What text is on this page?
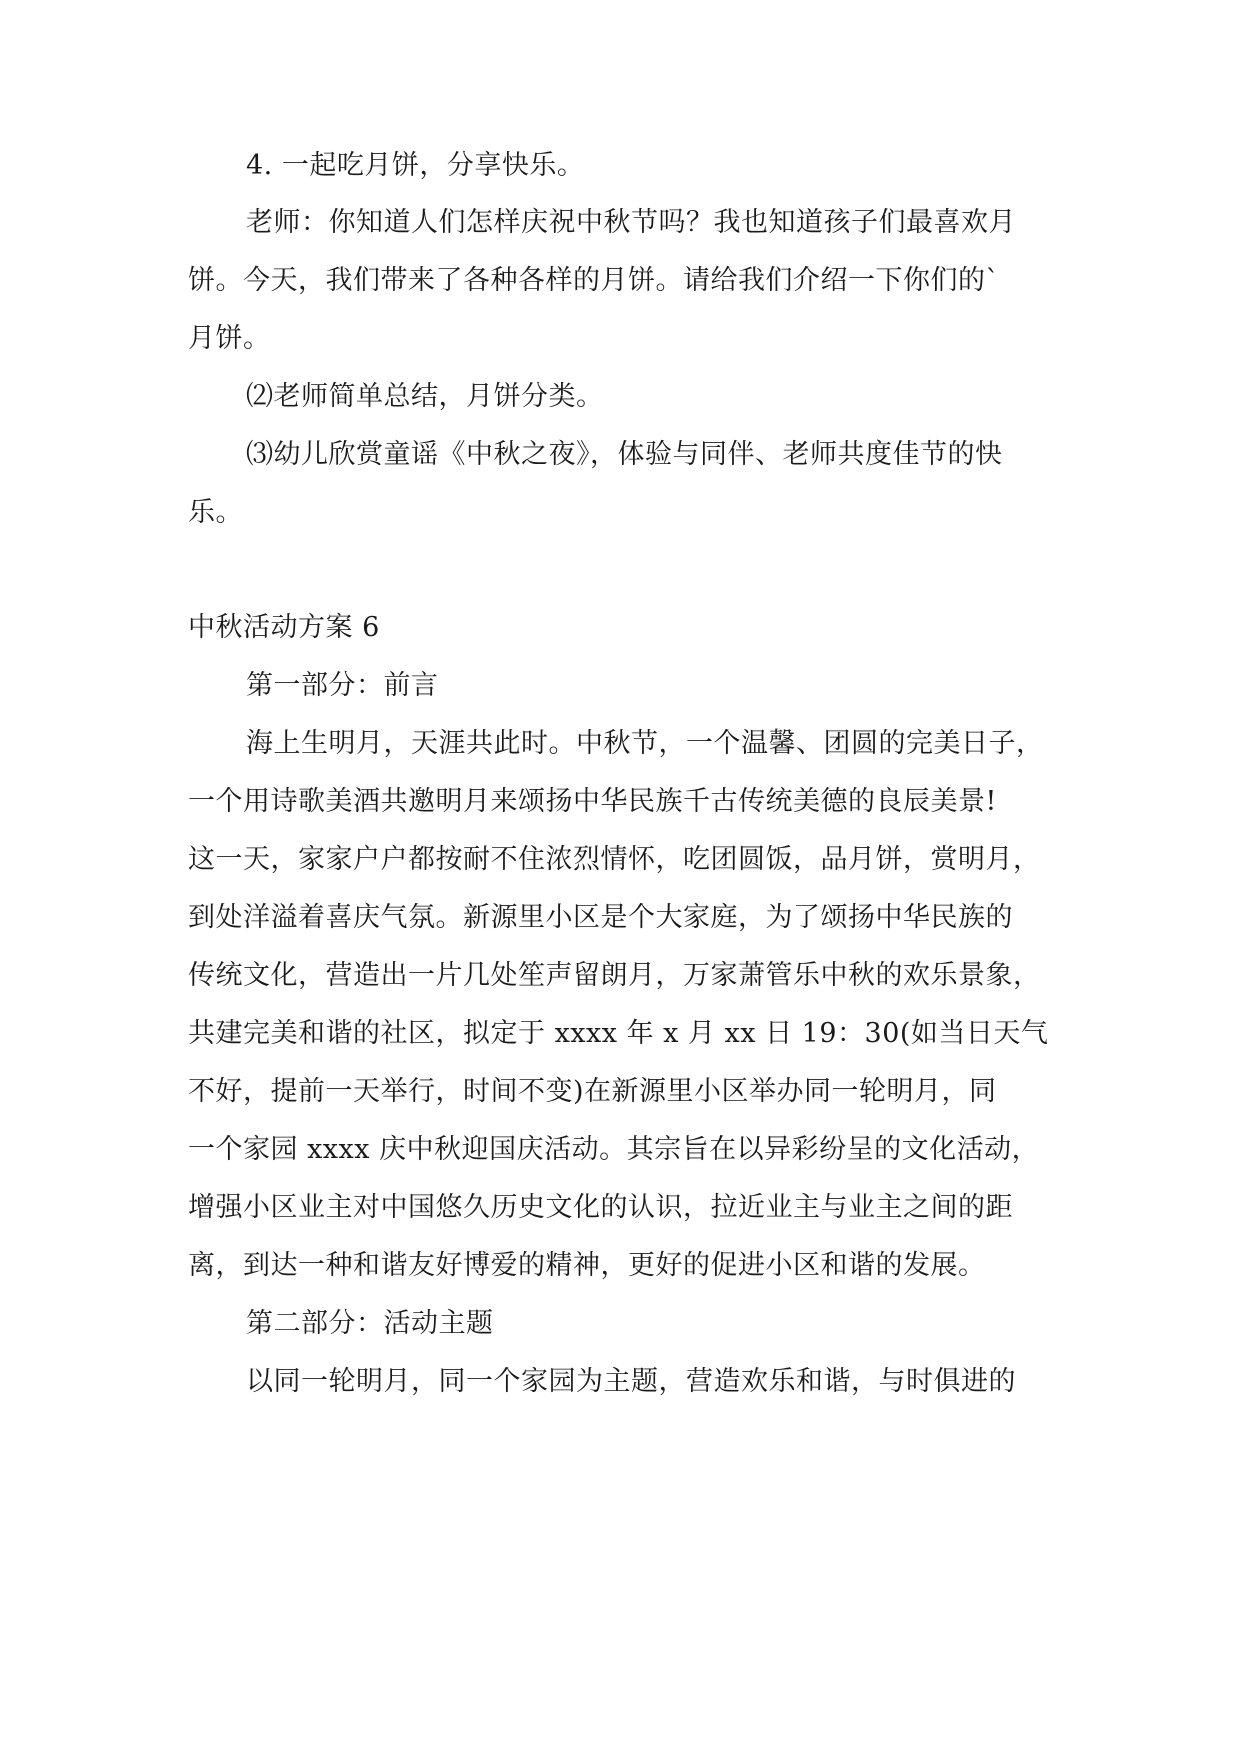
4. 一起吃月饼，分享快乐。
老师：你知道人们怎样庆祝中秋节吗？我也知道孩子们最喜欢月
饼。今天，我们带来了各种各样的月饼。请给我们介绍一下你们的`
月饼。
⑵老师简单总结，月饼分类。
⑶幼儿欣赏童谣《中秋之夜》，体验与同伴、老师共度佳节的快
乐。
中秋活动方案 6
第一部分：前言
海上生明月，天涯共此时。中秋节，一个温馨、团圆的完美日子，
一个用诗歌美酒共邀明月来颂扬中华民族千古传统美德的良辰美景!
这一天，家家户户都按耐不住浓烈情怀，吃团圆饭，品月饼，赏明月，
到处洋溢着喜庆气氛。新源里小区是个大家庭，为了颂扬中华民族的
传统文化，营造出一片几处笙声留朗月，万家萧管乐中秋的欢乐景象，
共建完美和谐的社区，拟定于 xxxx 年 x 月 xx 日 19：30(如当日天气
不好，提前一天举行，时间不变)在新源里小区举办同一轮明月，同
一个家园 xxxx 庆中秋迎国庆活动。其宗旨在以异彩纷呈的文化活动，
增强小区业主对中国悠久历史文化的认识，拉近业主与业主之间的距
离，到达一种和谐友好博爱的精神，更好的促进小区和谐的发展。
第二部分：活动主题
以同一轮明月，同一个家园为主题，营造欢乐和谐，与时俱进的
